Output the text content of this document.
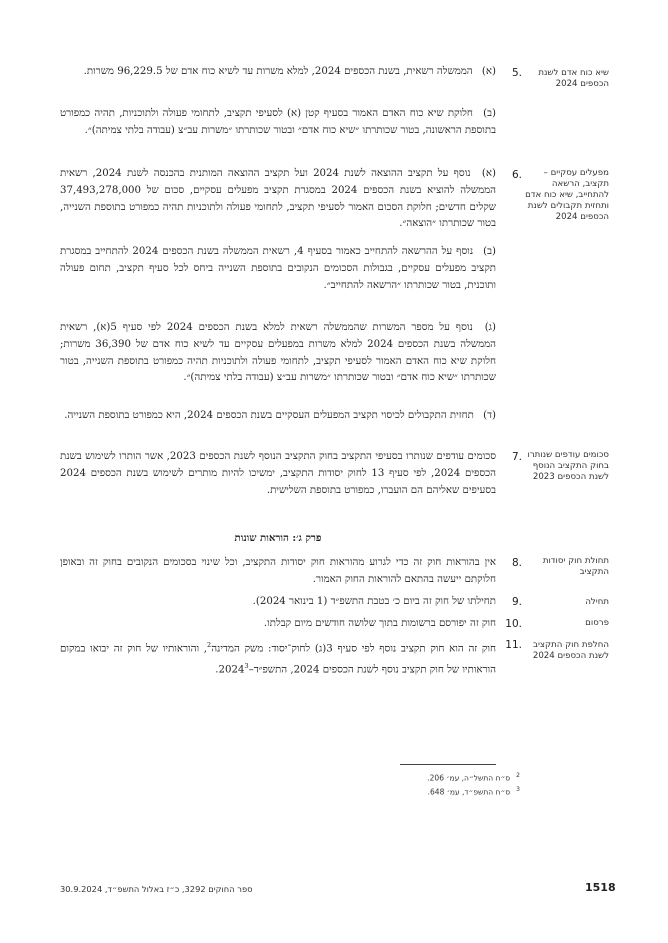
שיא כוח אדם לשנת הכספים 2024
.5
(א) הממשלה רשאית, בשנת הכספים 2024, למלא משרות עד לשיא כוח אדם של 96,229.5 משרות.
(ב) חלוקת שיא כוח האדם האמור בסעיף קטן (א) לסעיפי תקציב, לתחומי פעולה ולתוכניות, תהיה כמפורט בתוספת הראשונה, בטור שכותרתו ״שיא כוח אדם״ ובטור שכותרתו ״משרות עב״צ (עבודה בלתי צמיתה)״.
מפעלים עסקיים – תקציב, הרשאה להתחייב, שיא כוח אדם ותחזית תקבולים לשנת הכספים 2024
.6
(א) נוסף על תקציב ההוצאה לשנת 2024 ועל תקציב ההוצאה המותנית בהכנסה לשנת 2024, רשאית הממשלה להוציא בשנת הכספים 2024 במסגרת תקציב מפעלים עסקיים, סכום של 37,493,278,000 שקלים חדשים; חלוקת הסכום האמור לסעיפי תקציב, לתחומי פעולה ולתוכניות תהיה כמפורט בתוספת השנייה, בטור שכותרתו ״הוצאה״.
(ב) נוסף על ההרשאה להתחייב כאמור בסעיף 4, רשאית הממשלה בשנת הכספים 2024 להתחייב במסגרת תקציב מפעלים עסקיים, בגבולות הסכומים הנקובים בתוספת השנייה ביחס לכל סעיף תקציב, תחום פעולה ותוכנית, בטור שכותרתו ״הרשאה להתחייב״.
(ג) נוסף על מספר המשרות שהממשלה רשאית למלא בשנת הכספים 2024 לפי סעיף 5(א), רשאית הממשלה בשנת הכספים 2024 למלא משרות במפעלים עסקיים עד לשיא כוח אדם של 36,390 משרות; חלוקת שיא כוח האדם האמור לסעיפי תקציב, לתחומי פעולה ולתוכניות תהיה כמפורט בתוספת השנייה, בטור שכותרתו ״שיא כוח אדם״ ובטור שכותרתו ״משרות עב״צ (עבודה בלתי צמיתה)״.
(ד) תחזית התקבולים לכיסוי תקציב המפעלים העסקיים בשנת הכספים 2024, היא כמפורט בתוספת השנייה.
סכומים עודפים שנותרו בחוק התקציב הנוסף לשנת הכספים 2023
.7
סכומים עודפים שנותרו בסעיפי התקציב בחוק התקציב הנוסף לשנת הכספים 2023, אשר הותרו לשימוש בשנת הכספים 2024, לפי סעיף 13 לחוק יסודות התקציב, ימשיכו להיות מותרים לשימוש בשנת הכספים 2024 בסעיפים שאליהם הם הועברו, כמפורט בתוספת השלישית.
פרק ג׳: הוראות שונות
תחולת חוק יסודות התקציב
.8
אין בהוראות חוק זה כדי לגרוע מהוראות חוק יסודות התקציב, וכל שינוי בסכומים הנקובים בחוק זה ובאופן חלוקתם ייעשה בהתאם להוראות החוק האמור.
תחילה
.9
תחילתו של חוק זה ביום כ׳ בטבת התשפ״ד (1 בינואר 2024).
פרסום
.10
חוק זה יפורסם ברשומות בתוך שלושה חודשים מיום קבלתו.
החלפת חוק התקציב לשנת הכספים 2024
.11
חוק זה הוא חוק תקציב נוסף לפי סעיף 3(ג) לחוק־יסוד: משק המדינה$^2$, והוראותיו של חוק זה יבואו במקום הוראותיו של חוק תקציב נוסף לשנת הכספים 2024, התשפ״ד–2024$^3$.
$^2$ס״ח התשל״ה, עמ׳ 206.
$^3$ס״ח התשפ״ד, עמ׳ 648.
ספר החוקים 3292, כ״ז באלול התשפ״ד, 30.9.2024	1518
